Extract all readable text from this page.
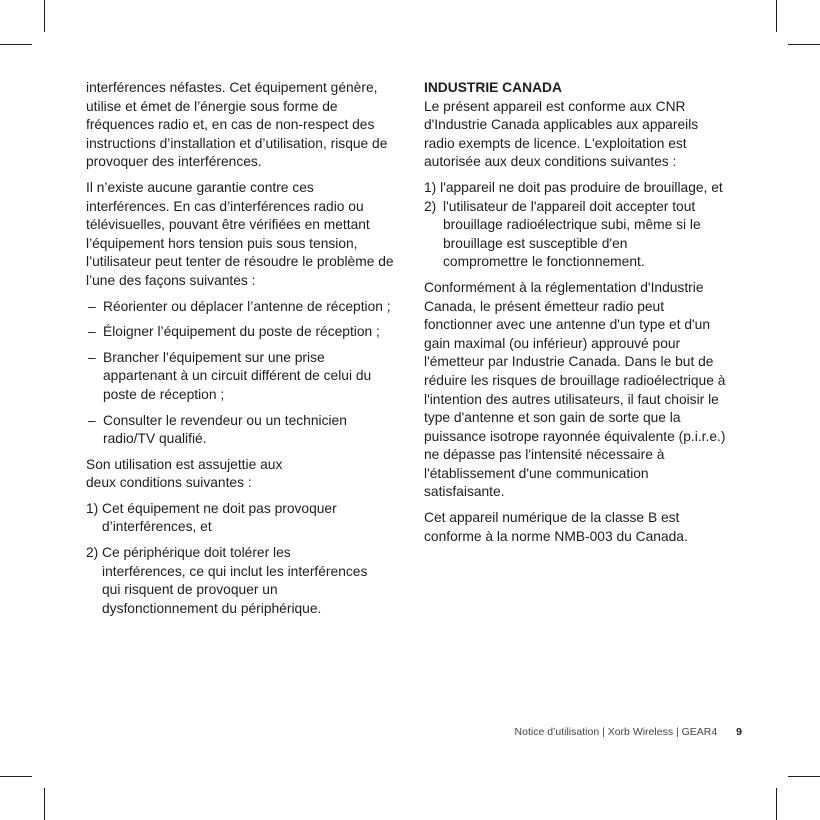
interférences néfastes. Cet équipement génère, utilise et émet de l’énergie sous forme de fréquences radio et, en cas de non-respect des instructions d’installation et d’utilisation, risque de provoquer des interférences.

Il n’existe aucune garantie contre ces interférences. En cas d’interférences radio ou télévisuelles, pouvant être vérifiées en mettant l’équipement hors tension puis sous tension, l’utilisateur peut tenter de résoudre le problème de l’une des façons suivantes :

– Réorienter ou déplacer l’antenne de réception ;
– Éloigner l’équipement du poste de réception ;
– Brancher l’équipement sur une prise appartenant à un circuit différent de celui du poste de réception ;
– Consulter le revendeur ou un technicien radio/TV qualifié.

Son utilisation est assujettie aux deux conditions suivantes :

1) Cet équipement ne doit pas provoquer d’interférences, et
2) Ce périphérique doit tolérer les interférences, ce qui inclut les interférences qui risquent de provoquer un dysfonctionnement du périphérique.
INDUSTRIE CANADA

Le présent appareil est conforme aux CNR d'Industrie Canada applicables aux appareils radio exempts de licence. L'exploitation est autorisée aux deux conditions suivantes :

1) l'appareil ne doit pas produire de brouillage, et
2) l'utilisateur de l'appareil doit accepter tout brouillage radioélectrique subi, même si le brouillage est susceptible d'en compromettre le fonctionnement.

Conformément à la réglementation d'Industrie Canada, le présent émetteur radio peut fonctionner avec une antenne d'un type et d'un gain maximal (ou inférieur) approuvé pour l'émetteur par Industrie Canada. Dans le but de réduire les risques de brouillage radioélectrique à l'intention des autres utilisateurs, il faut choisir le type d'antenne et son gain de sorte que la puissance isotrope rayonnée équivalente (p.i.r.e.) ne dépasse pas l'intensité nécessaire à l'établissement d'une communication satisfaisante.

Cet appareil numérique de la classe B est conforme à la norme NMB-003 du Canada.

Notice d’utilisation | Xorb Wireless | GEAR4 9
